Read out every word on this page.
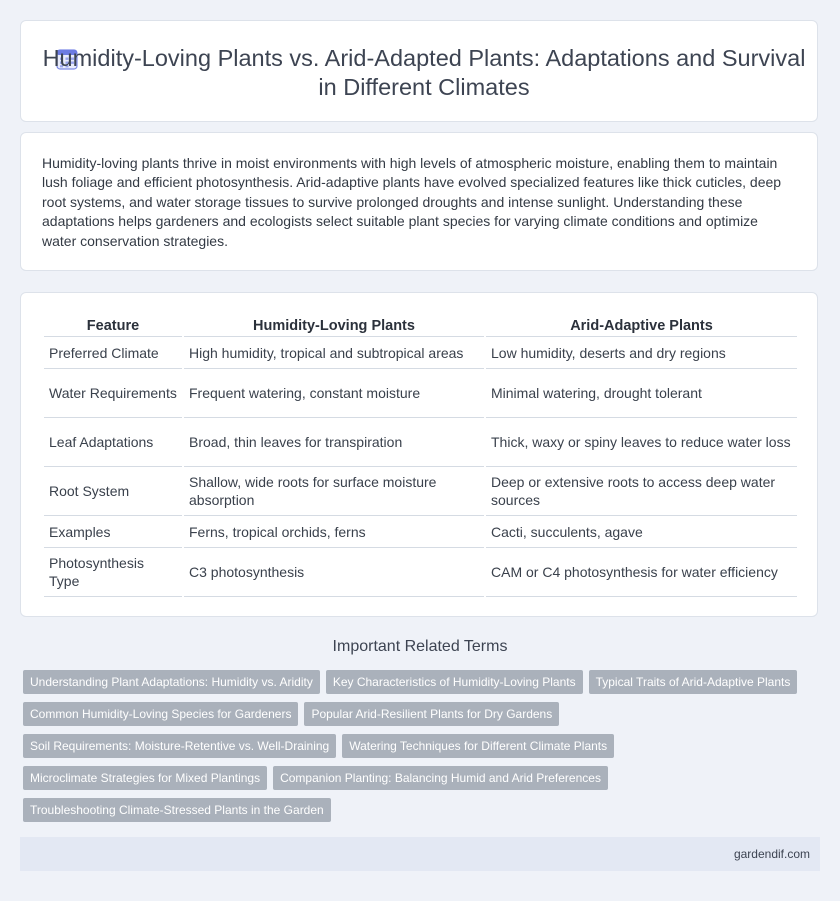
Humidity-Loving Plants vs. Arid-Adapted Plants: Adaptations and Survival in Different Climates
Humidity-loving plants thrive in moist environments with high levels of atmospheric moisture, enabling them to maintain lush foliage and efficient photosynthesis. Arid-adaptive plants have evolved specialized features like thick cuticles, deep root systems, and water storage tissues to survive prolonged droughts and intense sunlight. Understanding these adaptations helps gardeners and ecologists select suitable plant species for varying climate conditions and optimize water conservation strategies.
Feature	Humidity-Loving Plants	Arid-Adaptive Plants
Preferred Climate	High humidity, tropical and subtropical areas	Low humidity, deserts and dry regions
Water Requirements	Frequent watering, constant moisture	Minimal watering, drought tolerant
Leaf Adaptations	Broad, thin leaves for transpiration	Thick, waxy or spiny leaves to reduce water loss
Root System	Shallow, wide roots for surface moisture absorption	Deep or extensive roots to access deep water sources
Examples	Ferns, tropical orchids, ferns	Cacti, succulents, agave
Photosynthesis Type	C3 photosynthesis	CAM or C4 photosynthesis for water efficiency
Important Related Terms
Understanding Plant Adaptations: Humidity vs. Aridity Key Characteristics of Humidity-Loving Plants Typical Traits of Arid-Adaptive Plants
Common Humidity-Loving Species for Gardeners Popular Arid-Resilient Plants for Dry Gardens
Soil Requirements: Moisture-Retentive vs. Well-Draining Watering Techniques for Different Climate Plants
Microclimate Strategies for Mixed Plantings Companion Planting: Balancing Humid and Arid Preferences
Troubleshooting Climate-Stressed Plants in the Garden
gardendif.com
